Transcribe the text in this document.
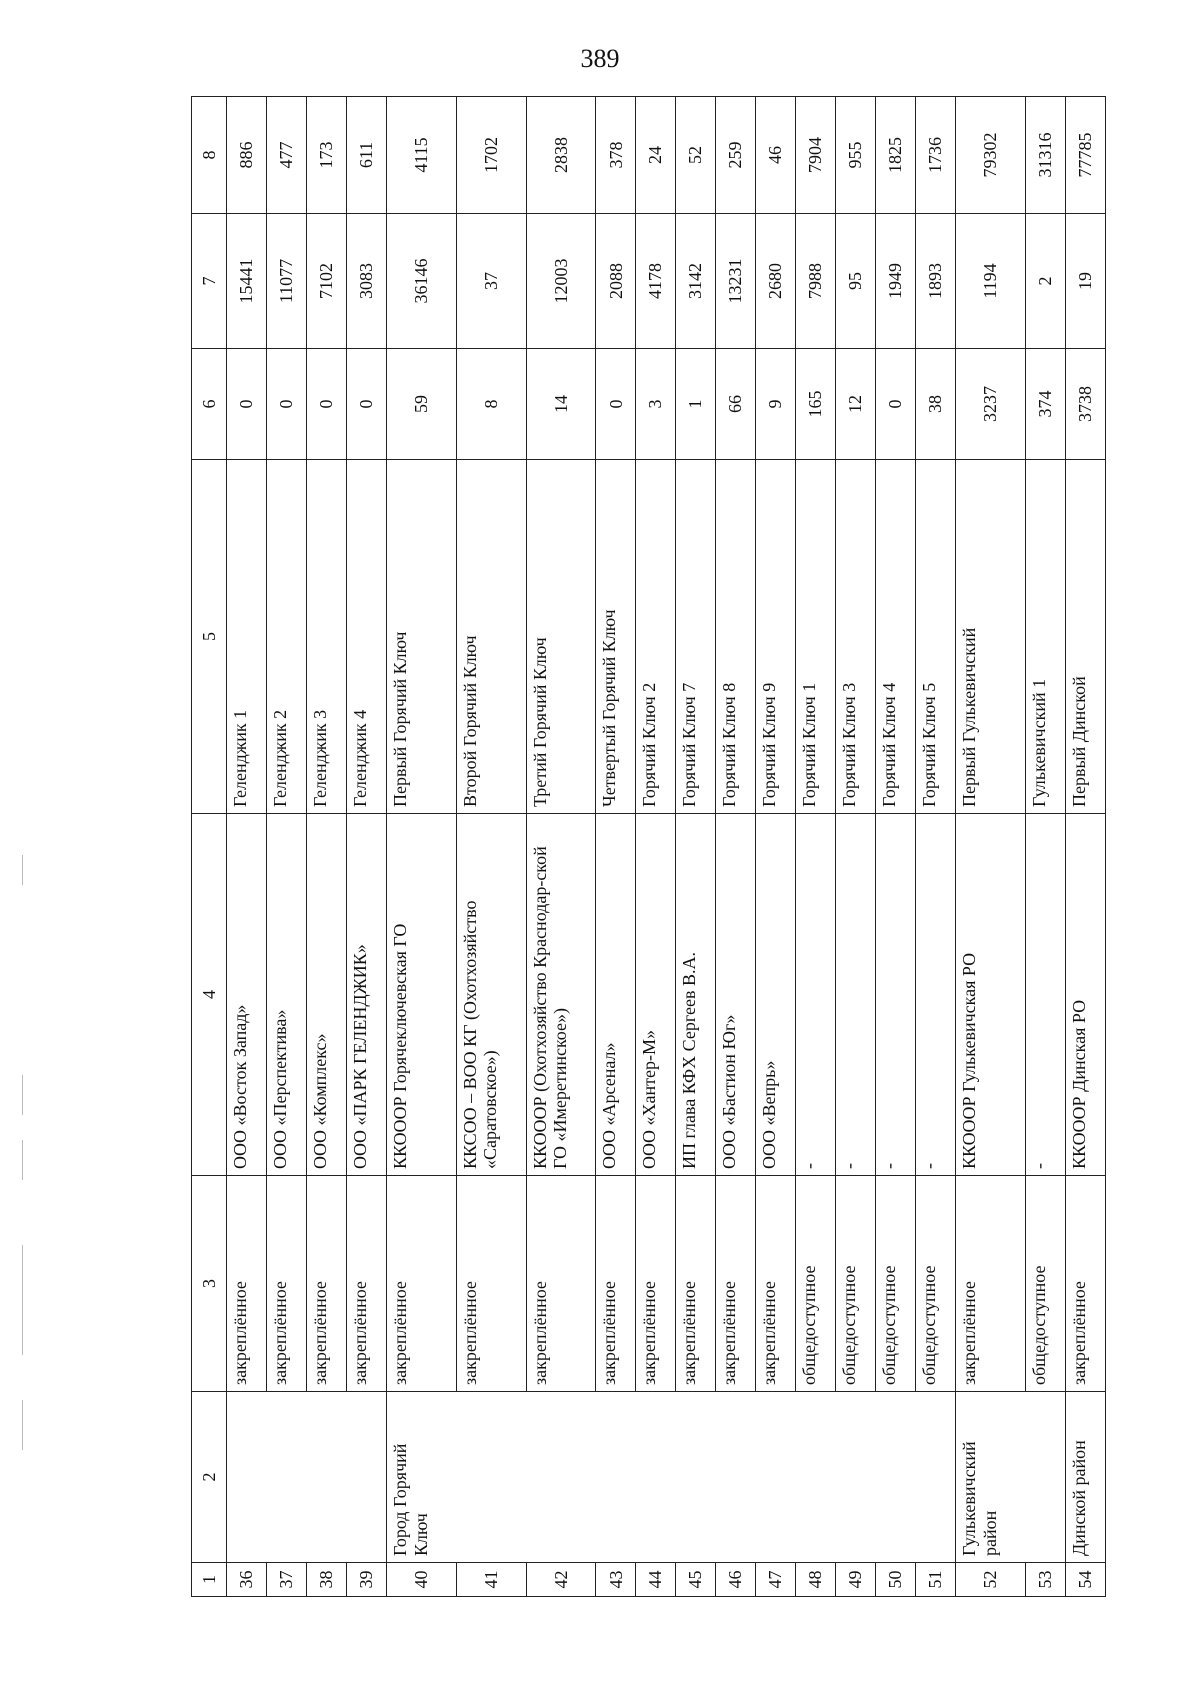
389
1	2	3	4	5	6	7	8
36		закреплённое	ООО «Восток Запад»	Геленджик 1	0	15441	886
37		закреплённое	ООО «Перспектива»	Геленджик 2	0	11077	477
38		закреплённое	ООО «Комплекс»	Геленджик 3	0	7102	173
39		закреплённое	ООО «ПАРК ГЕЛЕНДЖИК»	Геленджик 4	0	3083	611
40	Город Горячий Ключ	закреплённое	ККОООР Горячеключевская ГО	Первый Горячий Ключ	59	36146	4115
41		закреплённое	ККСОО – ВОО КГ (Охотхозяйство «Саратовское»)	Второй Горячий Ключ	8	37	1702
42		закреплённое	ККОООР (Охотхозяйство Краснодар-ской ГО «Имеретинское»)	Третий Горячий Ключ	14	12003	2838
43		закреплённое	ООО «Арсенал»	Четвертый Горячий Ключ	0	2088	378
44		закреплённое	ООО «Хантер-М»	Горячий Ключ 2	3	4178	24
45		закреплённое	ИП глава КФХ Сергеев В.А.	Горячий Ключ 7	1	3142	52
46		закреплённое	ООО «Бастион Юг»	Горячий Ключ 8	66	13231	259
47		закреплённое	ООО «Вепрь»	Горячий Ключ 9	9	2680	46
48		общедоступное	-	Горячий Ключ 1	165	7988	7904
49		общедоступное	-	Горячий Ключ 3	12	95	955
50		общедоступное	-	Горячий Ключ 4	0	1949	1825
51		общедоступное	-	Горячий Ключ 5	38	1893	1736
52	Гулькевичский район	закреплённое	ККОООР Гулькевичская РО	Первый Гулькевичский	3237	1194	79302
53		общедоступное	-	Гулькевичский 1	374	2	31316
54	Динской район	закреплённое	ККОООР Динская РО	Первый Динской	3738	19	77785
